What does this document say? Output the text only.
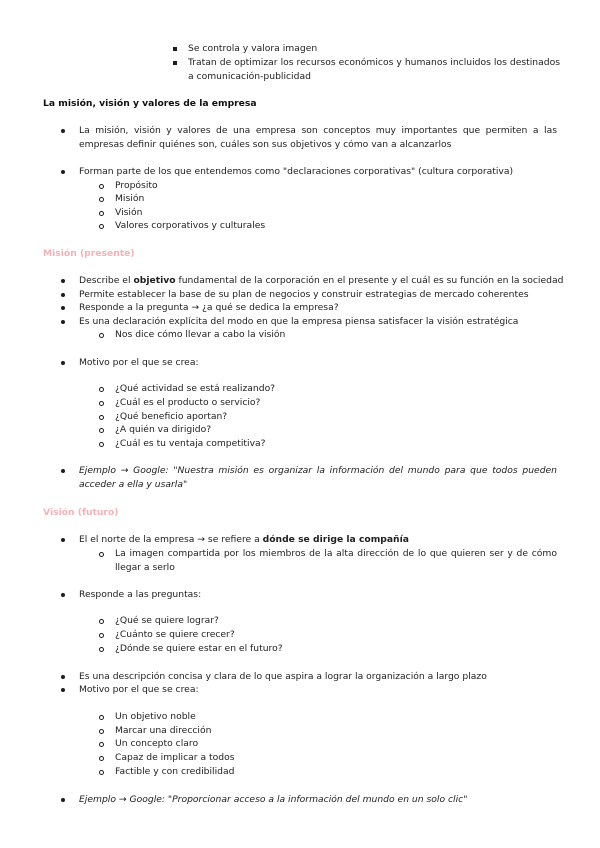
Se controla y valora imagen
Tratan de optimizar los recursos económicos y humanos incluidos los destinados a comunicación-publicidad
La misión, visión y valores de la empresa
La misión, visión y valores de una empresa son conceptos muy importantes que permiten a las empresas definir quiénes son, cuáles son sus objetivos y cómo van a alcanzarlos
Forman parte de los que entendemos como "declaraciones corporativas" (cultura corporativa)
Propósito
Misión
Visión
Valores corporativos y culturales
Misión (presente)
Describe el objetivo fundamental de la corporación en el presente y el cuál es su función en la sociedad
Permite establecer la base de su plan de negocios y construir estrategias de mercado coherentes
Responde a la pregunta → ¿a qué se dedica la empresa?
Es una declaración explícita del modo en que la empresa piensa satisfacer la visión estratégica
Nos dice cómo llevar a cabo la visión
Motivo por el que se crea:
¿Qué actividad se está realizando?
¿Cuál es el producto o servicio?
¿Qué beneficio aportan?
¿A quién va dirigido?
¿Cuál es tu ventaja competitiva?
Ejemplo → Google: "Nuestra misión es organizar la información del mundo para que todos pueden acceder a ella y usarla"
Visión (futuro)
El el norte de la empresa → se refiere a dónde se dirige la compañía
La imagen compartida por los miembros de la alta dirección de lo que quieren ser y de cómo llegar a serlo
Responde a las preguntas:
¿Qué se quiere lograr?
¿Cuánto se quiere crecer?
¿Dónde se quiere estar en el futuro?
Es una descripción concisa y clara de lo que aspira a lograr la organización a largo plazo
Motivo por el que se crea:
Un objetivo noble
Marcar una dirección
Un concepto claro
Capaz de implicar a todos
Factible y con credibilidad
Ejemplo → Google: "Proporcionar acceso a la información del mundo en un solo clic"
